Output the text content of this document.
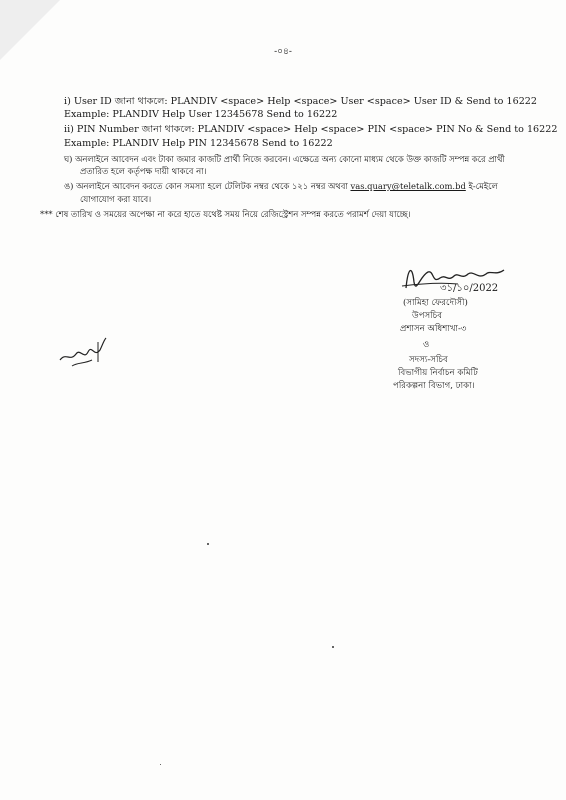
-০৪-
i) User ID জানা থাকলে: PLANDIV <space> Help <space> User <space> User ID & Send to 16222
Example: PLANDIV Help User 12345678 Send to 16222
ii) PIN Number জানা থাকলে: PLANDIV <space> Help <space> PIN <space> PIN No & Send to 16222
Example: PLANDIV Help PIN 12345678 Send to 16222
ঘ) অনলাইনে আবেদন এবং টাকা জমার কাজটি প্রার্থী নিজে করবেন। এক্ষেত্রে অন্য কোনো মাধ্যম থেকে উক্ত কাজটি সম্পন্ন করে প্রার্থী
প্রতারিত হলে কর্তৃপক্ষ দায়ী থাকবে না।
ঙ) অনলাইনে আবেদন করতে কোন সমস্যা হলে টেলিটক নম্বর থেকে ১২১ নম্বর অথবা vas.quary@teletalk.com.bd ই-মেইলে
যোগাযোগ করা যাবে।
*** শেষ তারিখ ও সময়ের অপেক্ষা না করে হাতে যথেষ্ট সময় নিয়ে রেজিস্ট্রেশন সম্পন্ন করতে পরামর্শ দেয়া যাচ্ছে।
৩১/১০/2022
(সামিহা ফেরদৌসী)
উপসচিব
প্রশাসন অধিশাখা-৩
ও
সদস্য-সচিব
বিভাগীয় নির্বাচন কমিটি
পরিকল্পনা বিভাগ, ঢাকা।
